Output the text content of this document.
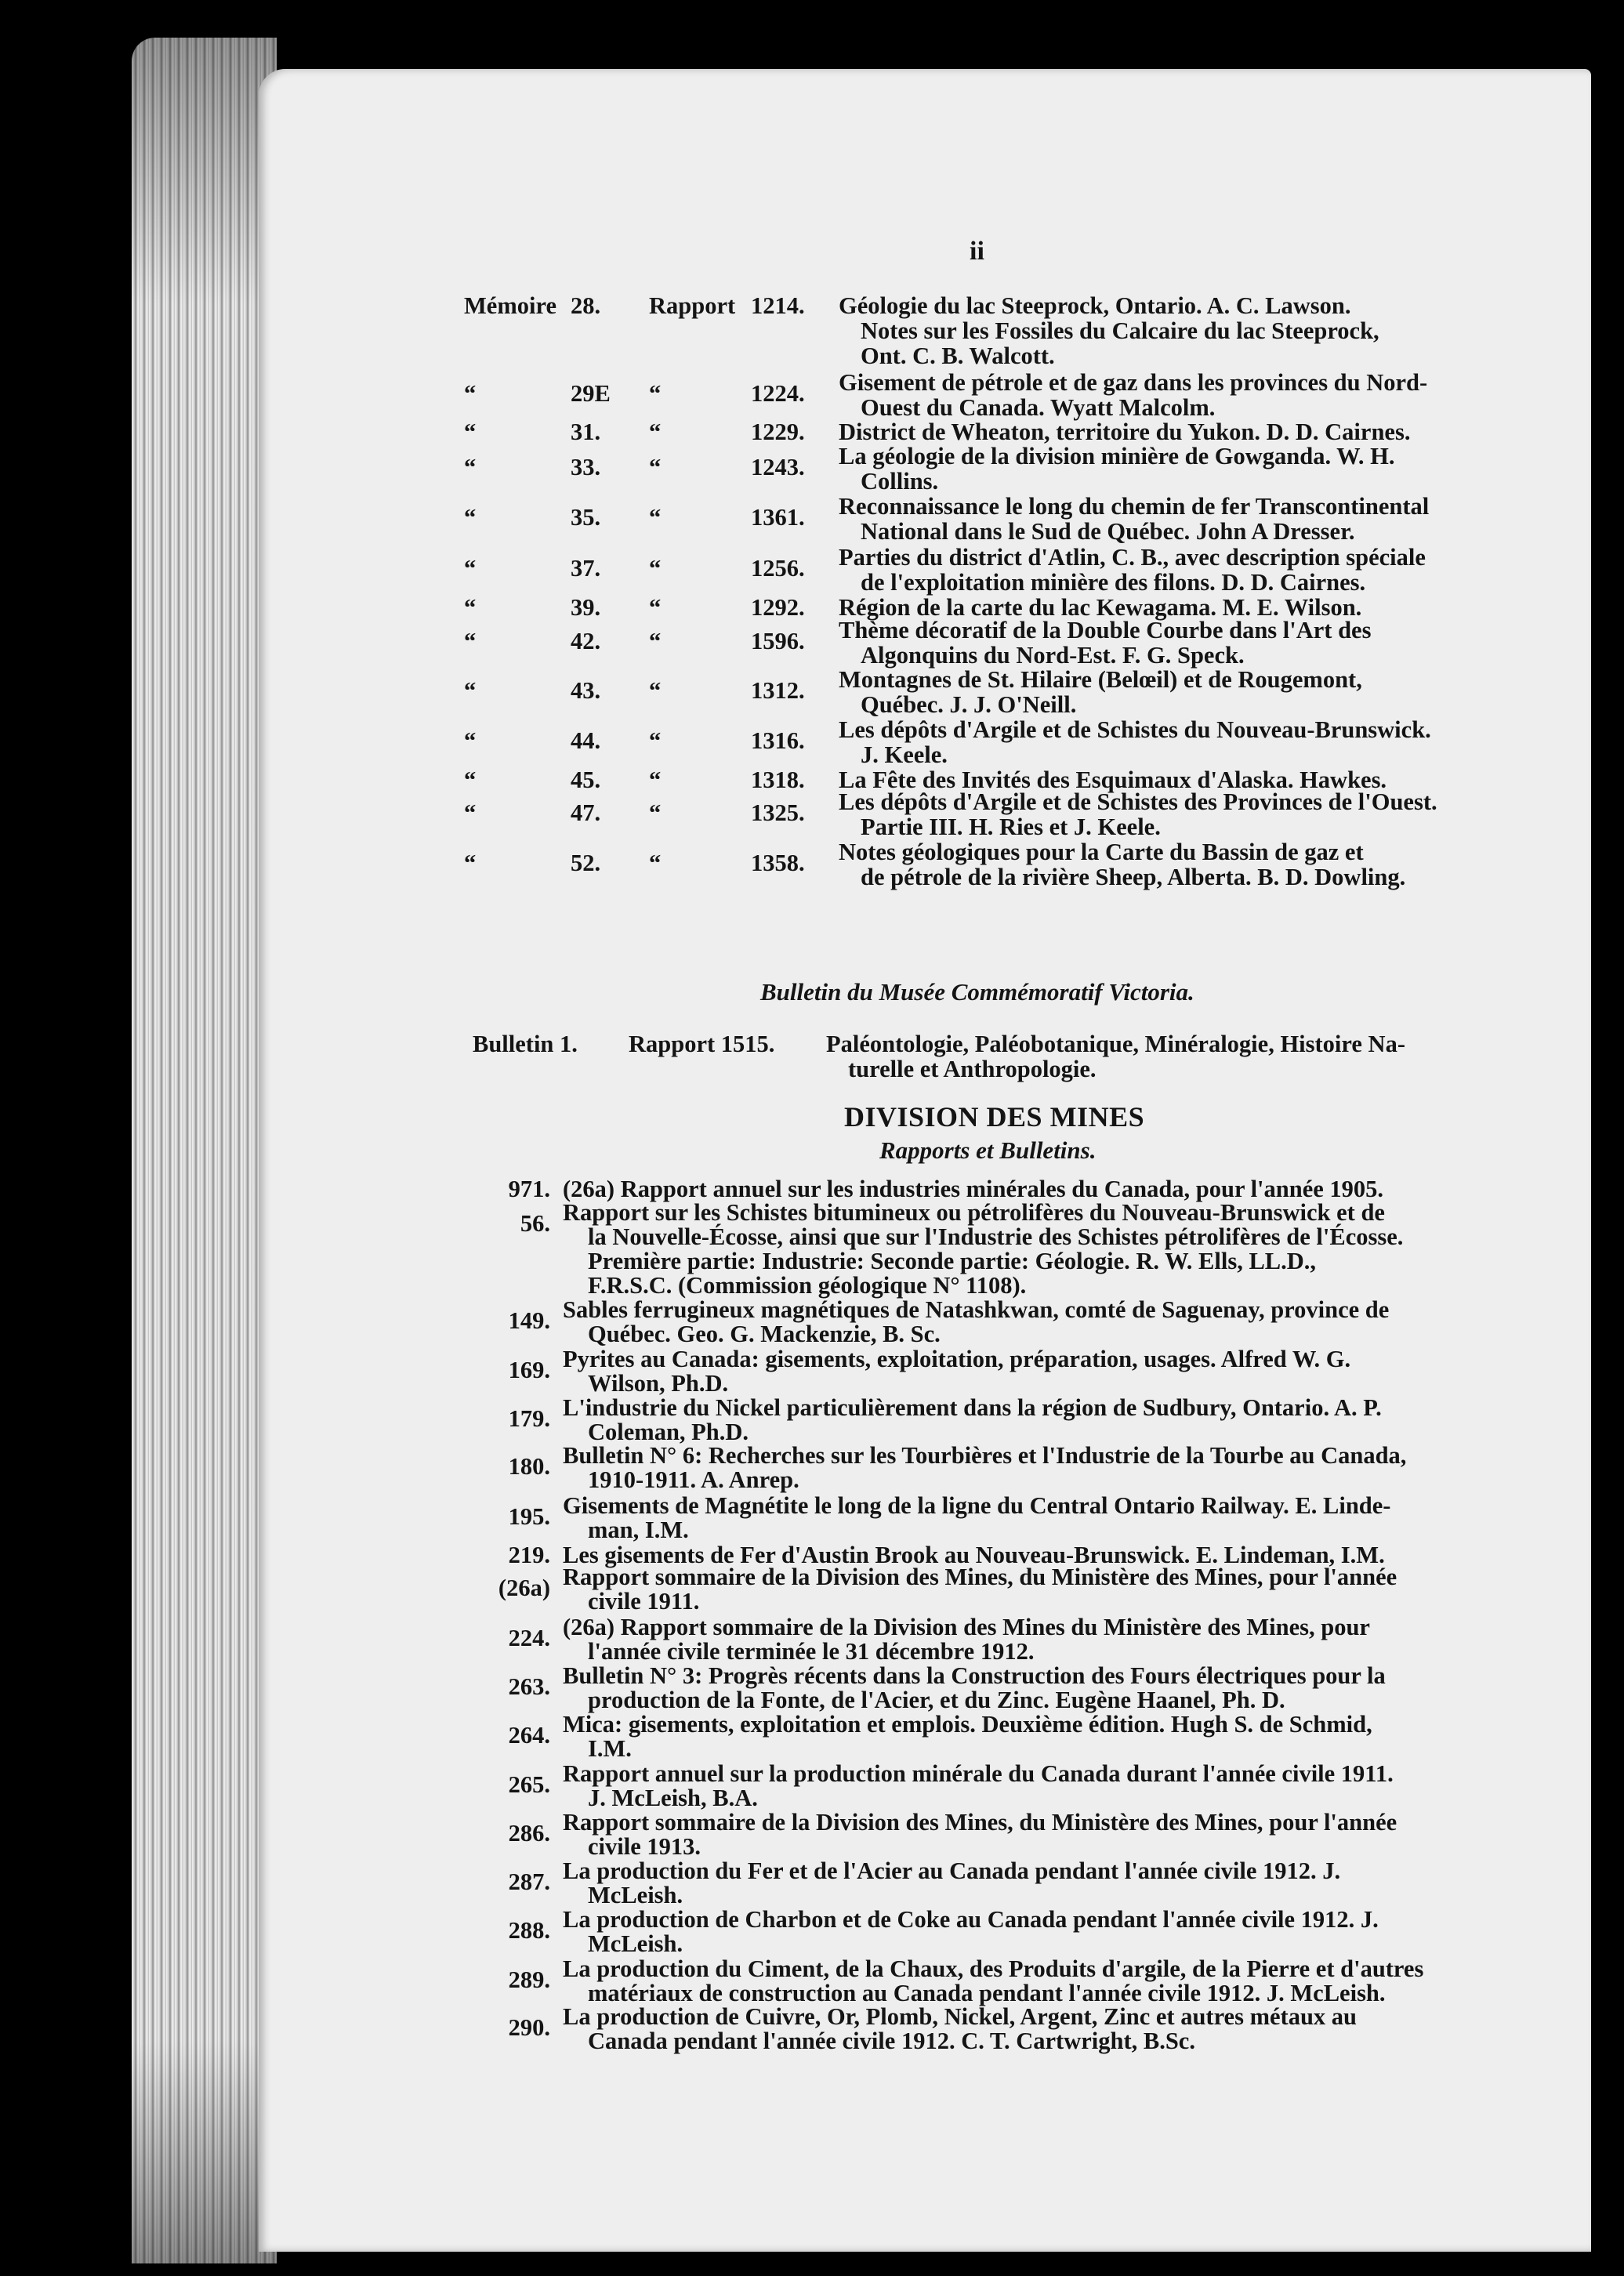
ii
Mémoire 28. Rapport 1214. Géologie du lac Steeprock, Ontario. A. C. Lawson.
Notes sur les Fossiles du Calcaire du lac Steeprock,
Ont. C. B. Walcott.
“	29E “	1224. Gisement de pétrole et de gaz dans les provinces du Nord-
Ouest du Canada. Wyatt Malcolm.
“	31. “	1229. District de Wheaton, territoire du Yukon. D. D. Cairnes.
“	33. “	1243. La géologie de la division minière de Gowganda. W. H.
Collins.
“	35. “	1361. Reconnaissance le long du chemin de fer Transcontinental
National dans le Sud de Québec. John A Dresser.
“	37. “	1256. Parties du district d'Atlin, C. B., avec description spéciale
de l'exploitation minière des filons. D. D. Cairnes.
“	39. “	1292. Région de la carte du lac Kewagama. M. E. Wilson.
“	42. “	1596. Thème décoratif de la Double Courbe dans l'Art des
Algonquins du Nord-Est. F. G. Speck.
“	43. “	1312. Montagnes de St. Hilaire (Belœil) et de Rougemont,
Québec. J. J. O'Neill.
“	44. “	1316. Les dépôts d'Argile et de Schistes du Nouveau-Brunswick.
J. Keele.
“	45. “	1318. La Fête des Invités des Esquimaux d'Alaska. Hawkes.
“	47. “	1325. Les dépôts d'Argile et de Schistes des Provinces de l'Ouest.
Partie III. H. Ries et J. Keele.
“	52. “	1358. Notes géologiques pour la Carte du Bassin de gaz et
de pétrole de la rivière Sheep, Alberta. B. D. Dowling.
Bulletin du Musée Commémoratif Victoria.
Bulletin 1. Rapport 1515. Paléontologie, Paléobotanique, Minéralogie, Histoire Na-
turelle et Anthropologie.
DIVISION DES MINES
Rapports et Bulletins.
971. (26a) Rapport annuel sur les industries minérales du Canada, pour l'année 1905.
56. Rapport sur les Schistes bitumineux ou pétrolifères du Nouveau-Brunswick et de
la Nouvelle-Écosse, ainsi que sur l'Industrie des Schistes pétrolifères de l'Écosse.
Première partie: Industrie: Seconde partie: Géologie. R. W. Ells, LL.D.,
F.R.S.C. (Commission géologique N° 1108).
149. Sables ferrugineux magnétiques de Natashkwan, comté de Saguenay, province de
Québec. Geo. G. Mackenzie, B. Sc.
169. Pyrites au Canada: gisements, exploitation, préparation, usages. Alfred W. G.
Wilson, Ph.D.
179. L'industrie du Nickel particulièrement dans la région de Sudbury, Ontario. A. P.
Coleman, Ph.D.
180. Bulletin N° 6: Recherches sur les Tourbières et l'Industrie de la Tourbe au Canada,
1910-1911. A. Anrep.
195. Gisements de Magnétite le long de la ligne du Central Ontario Railway. E. Linde-
man, I.M.
219. Les gisements de Fer d'Austin Brook au Nouveau-Brunswick. E. Lindeman, I.M.
(26a) Rapport sommaire de la Division des Mines, du Ministère des Mines, pour l'année
civile 1911.
224. (26a) Rapport sommaire de la Division des Mines du Ministère des Mines, pour
l'année civile terminée le 31 décembre 1912.
263. Bulletin N° 3: Progrès récents dans la Construction des Fours électriques pour la
production de la Fonte, de l'Acier, et du Zinc. Eugène Haanel, Ph. D.
264. Mica: gisements, exploitation et emplois. Deuxième édition. Hugh S. de Schmid,
I.M.
265. Rapport annuel sur la production minérale du Canada durant l'année civile 1911.
J. McLeish, B.A.
286. Rapport sommaire de la Division des Mines, du Ministère des Mines, pour l'année
civile 1913.
287. La production du Fer et de l'Acier au Canada pendant l'année civile 1912. J.
McLeish.
288. La production de Charbon et de Coke au Canada pendant l'année civile 1912. J.
McLeish.
289. La production du Ciment, de la Chaux, des Produits d'argile, de la Pierre et d'autres
matériaux de construction au Canada pendant l'année civile 1912. J. McLeish.
290. La production de Cuivre, Or, Plomb, Nickel, Argent, Zinc et autres métaux au
Canada pendant l'année civile 1912. C. T. Cartwright, B.Sc.
